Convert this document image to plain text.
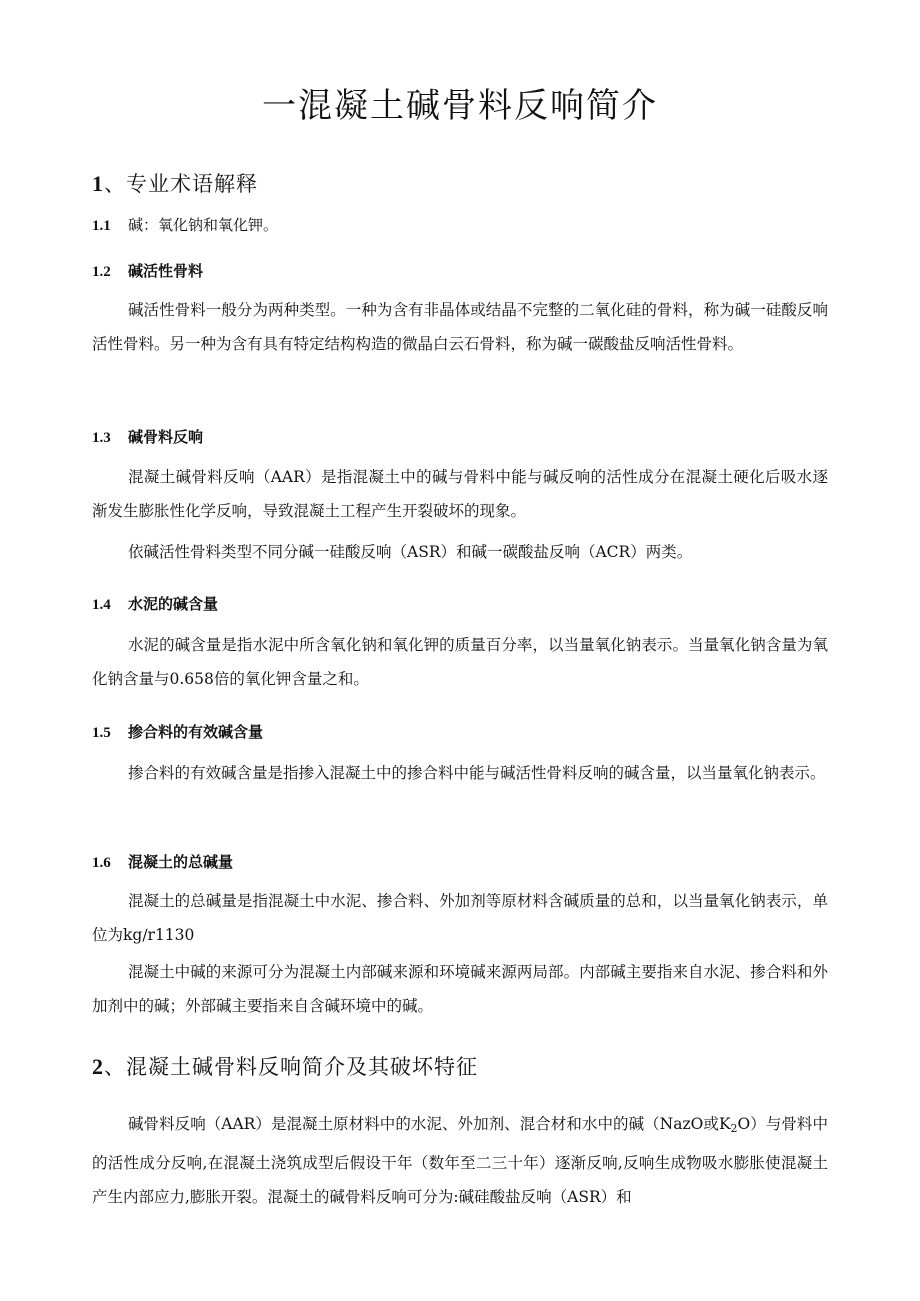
一混凝土碱骨料反响简介
1、专业术语解释
1.1 碱：氧化钠和氧化钾。
1.2 碱活性骨料
碱活性骨料一般分为两种类型。一种为含有非晶体或结晶不完整的二氧化硅的骨料，称为碱一硅酸反响活性骨料。另一种为含有具有特定结构构造的微晶白云石骨料，称为碱一碳酸盐反响活性骨料。
1.3 碱骨料反响
混凝土碱骨料反响（AAR）是指混凝土中的碱与骨料中能与碱反响的活性成分在混凝土硬化后吸水逐渐发生膨胀性化学反响，导致混凝土工程产生开裂破坏的现象。
依碱活性骨料类型不同分碱一硅酸反响（ASR）和碱一碳酸盐反响（ACR）两类。
1.4 水泥的碱含量
水泥的碱含量是指水泥中所含氧化钠和氧化钾的质量百分率，以当量氧化钠表示。当量氧化钠含量为氧化钠含量与0.658倍的氧化钾含量之和。
1.5 掺合料的有效碱含量
掺合料的有效碱含量是指掺入混凝土中的掺合料中能与碱活性骨料反响的碱含量，以当量氧化钠表示。
1.6 混凝土的总碱量
混凝土的总碱量是指混凝土中水泥、掺合料、外加剂等原材料含碱质量的总和，以当量氧化钠表示，单位为kg∕r1130
混凝土中碱的来源可分为混凝土内部碱来源和环境碱来源两局部。内部碱主要指来自水泥、掺合料和外加剂中的碱；外部碱主要指来自含碱环境中的碱。
2、混凝土碱骨料反响简介及其破坏特征
碱骨料反响（AAR）是混凝土原材料中的水泥、外加剂、混合材和水中的碱（NazO或$K_2O$）与骨料中的活性成分反响,在混凝土浇筑成型后假设干年（数年至二三十年）逐渐反响,反响生成物吸水膨胀使混凝土产生内部应力,膨胀开裂。混凝土的碱骨料反响可分为:碱硅酸盐反响（ASR）和
